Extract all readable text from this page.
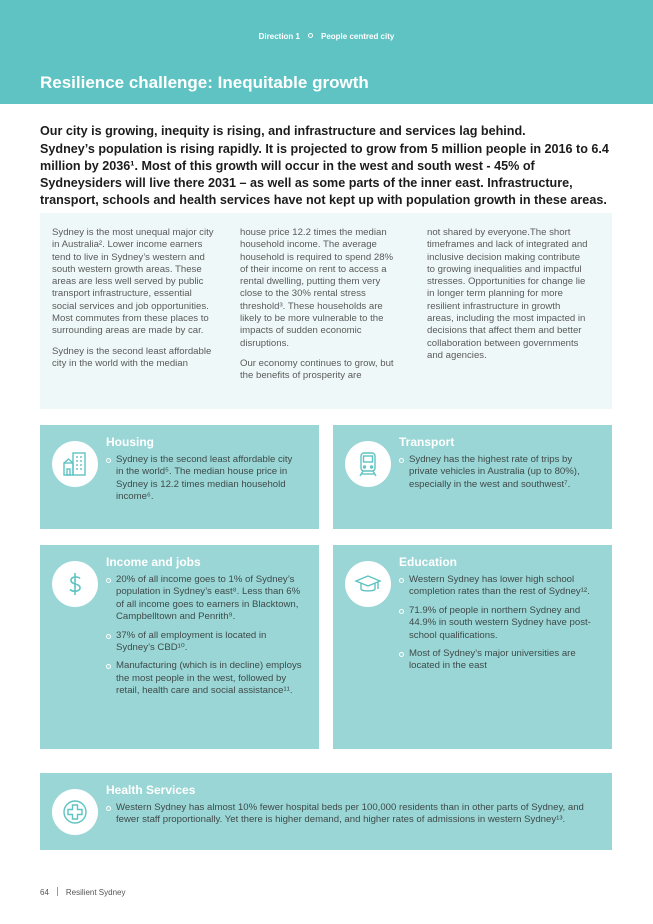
Direction 1	People centred city
Resilience challenge: Inequitable growth
Our city is growing, inequity is rising, and infrastructure and services lag behind.
Sydney’s population is rising rapidly. It is projected to grow from 5 million people in 2016 to 6.4 million by 2036¹. Most of this growth will occur in the west and south west - 45% of Sydneysiders will live there 2031 – as well as some parts of the inner east. Infrastructure, transport, schools and health services have not kept up with population growth in these areas.

Sydney is the most unequal major city in Australia². Lower income earners tend to live in Sydney’s western and south western growth areas. These areas are less well served by public transport infrastructure, essential social services and job opportunities. Most commutes from these places to surrounding areas are made by car.

Sydney is the second least affordable city in the world with the median

house price 12.2 times the median household income. The average household is required to spend 28% of their income on rent to access a rental dwelling, putting them very close to the 30% rental stress threshold³. These households are likely to be more vulnerable to the impacts of sudden economic disruptions.

Our economy continues to grow, but the benefits of prosperity are

not shared by everyone.The short timeframes and lack of integrated and inclusive decision making contribute to growing inequalities and impactful stresses. Opportunities for change lie in longer term planning for more resilient infrastructure in growth areas, including the most impacted in decisions that affect them and better collaboration between governments and agencies.

Housing
Sydney is the second least affordable city in the world⁵. The median house price in Sydney is 12.2 times median household income⁶.
Transport
Sydney has the highest rate of trips by private vehicles in Australia (up to 80%), especially in the west and southwest⁷.
Income and jobs
20% of all income goes to 1% of Sydney’s population in Sydney’s east⁸. Less than 6% of all income goes to earners in Blacktown, Campbelltown and Penrith⁹.
37% of all employment is located in Sydney’s CBD¹⁰.
Manufacturing (which is in decline) employs the most people in the west, followed by retail, health care and social assistance¹¹.
Education
Western Sydney has lower high school completion rates than the rest of Sydney¹².
71.9% of people in northern Sydney and 44.9% in south western Sydney have post-school qualifications.
Most of Sydney’s major universities are located in the east
Health Services
Western Sydney has almost 10% fewer hospital beds per 100,000 residents than in other parts of Sydney, and fewer staff proportionally. Yet there is higher demand, and higher rates of admissions in western Sydney¹³.
64 Resilient Sydney
